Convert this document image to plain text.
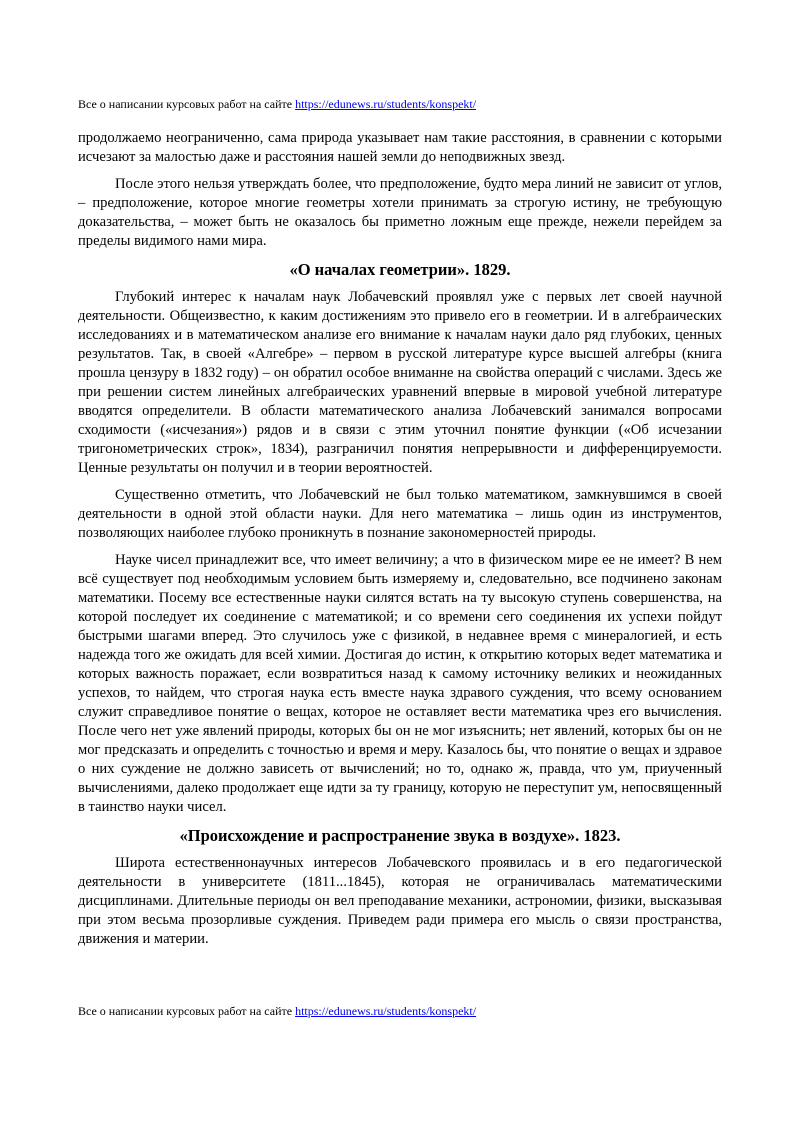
Все о написании курсовых работ на сайте https://edunews.ru/students/konspekt/

продолжаемо неограниченно, сама природа указывает нам такие расстояния, в сравнении с которыми исчезают за малостью даже и расстояния нашей земли до неподвижных звезд.

После этого нельзя утверждать более, что предположение, будто мера линий не зависит от углов, – предположение, которое многие геометры хотели принимать за строгую истину, не требующую доказательства, – может быть не оказалось бы приметно ложным еще прежде, нежели перейдем за пределы видимого нами мира.

«О началах геометрии». 1829.

Глубокий интерес к началам наук Лобачевский проявлял уже с первых лет своей научной деятельности. Общеизвестно, к каким достижениям это привело его в геометрии. И в алгебраических исследованиях и в математическом анализе его внимание к началам науки дало ряд глубоких, ценных результатов. Так, в своей «Алгебре» – первом в русской литературе курсе высшей алгебры (книга прошла цензуру в 1832 году) – он обратил особое вниманне на свойства операций с числами. Здесь же при решении систем линейных алгебраических уравнений впервые в мировой учебной литературе вводятся определители. В области математического анализа Лобачевский занимался вопросами сходимости («исчезания») рядов и в связи с этим уточнил понятие функции («Об исчезании тригонометрических строк», 1834), разграничил понятия непрерывности и дифференцируемости. Ценные результаты он получил и в теории вероятностей.

Существенно отметить, что Лобачевский не был только математиком, замкнувшимся в своей деятельности в одной этой области науки. Для него математика – лишь один из инструментов, позволяющих наиболее глубоко проникнуть в познание закономерностей природы.

Науке чисел принадлежит все, что имеет величину; а что в физическом мире ее не имеет? В нем всё существует под необходимым условием быть измеряему и, следовательно, все подчинено законам математики. Посему все естественные науки силятся встать на ту высокую ступень совершенства, на которой последует их соединение с математикой; и со времени сего соединения их успехи пойдут быстрыми шагами вперед. Это случилось уже с физикой, в недавнее время с минералогией, и есть надежда того же ожидать для всей химии. Достигая до истин, к открытию которых ведет математика и которых важность поражает, если возвратиться назад к самому источнику великих и неожиданных успехов, то найдем, что строгая наука есть вместе наука здравого суждения, что всему основанием служит справедливое понятие о вещах, которое не оставляет вести математика чрез его вычисления. После чего нет уже явлений природы, которых бы он не мог изъяснить; нет явлений, которых бы он не мог предсказать и определить с точностью и время и меру. Казалось бы, что понятие о вещах и здравое о них суждение не должно зависеть от вычислений; но то, однако ж, правда, что ум, приученный вычислениями, далеко продолжает еще идти за ту границу, которую не переступит ум, непосвященный в таинство науки чисел.

«Происхождение и распространение звука в воздухе». 1823.

Широта естественнонаучных интересов Лобачевского проявилась и в его педагогической деятельности в университете (1811...1845), которая не ограничивалась математическими дисциплинами. Длительные периоды он вел преподавание механики, астрономии, физики, высказывая при этом весьма прозорливые суждения. Приведем ради примера его мысль о связи пространства, движения и материи.

Все о написании курсовых работ на сайте https://edunews.ru/students/konspekt/
